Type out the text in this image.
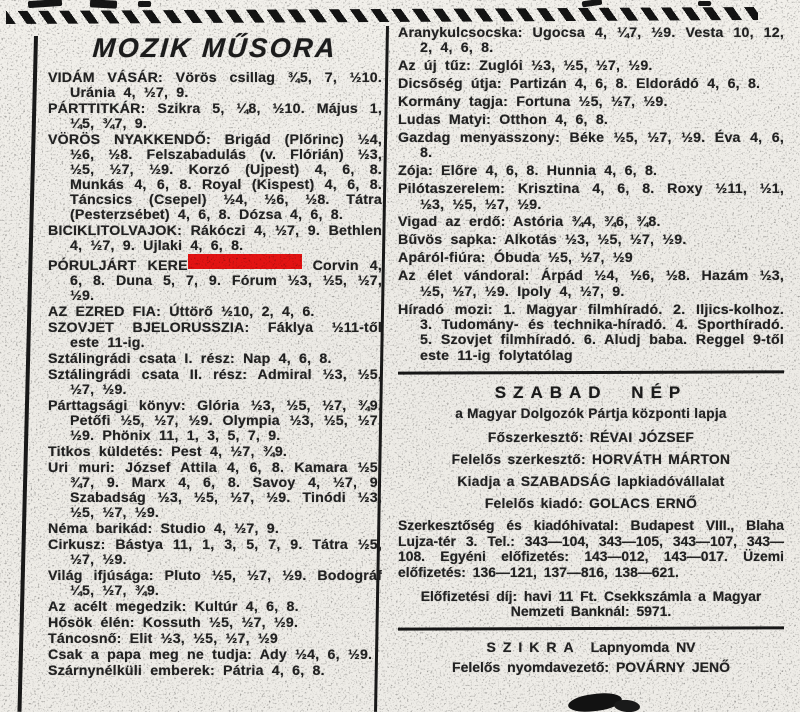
MOZIK MŰSORA

VIDÁM VÁSÁR: Vörös csillag ¾5, 7, ½10. Uránia 4, ½7, 9.

PÁRTTITKÁR: Szikra 5, ¼8, ½10. Május 1, ¼5, ¾7, 9.

VÖRÖS NYAKKENDŐ: Brigád (Plőrinc) ½4, ½6, ½8. Felszabadulás (v. Flórián) ½3, ½5, ½7, ½9. Korzó (Ujpest) 4, 6, 8. Munkás 4, 6, 8. Royal (Kispest) 4, 6, 8. Táncsics (Csepel) ½4, ½6, ½8. Tátra (Pesterzsébet) 4, 6, 8. Dózsa 4, 6, 8.

BICIKLITOLVAJOK: Rákóczi 4, ½7, 9. Bethlen 4, ½7, 9. Ujlaki 4, 6, 8.

PÓRULJÁRT KERE	Corvin 4, 6, 8. Duna 5, 7, 9. Fórum ½3, ½5, ½7, ½9.

AZ EZRED FIA: Úttörő ½10, 2, 4, 6.

SZOVJET BJELORUSSZIA: Fáklya ½11-től este 11-ig.

Sztálingrádi csata I. rész: Nap 4, 6, 8.

Sztálingrádi csata II. rész: Admiral ½3, ½5, ½7, ½9.

Párttagsági könyv: Glória ½3, ½5, ½7, ¾9. Petőfi ½5, ½7, ½9. Olympia ½3, ½5, ½7, ½9. Phönix 11, 1, 3, 5, 7, 9.

Titkos küldetés: Pest 4, ½7, ¾9.

Uri muri: József Attila 4, 6, 8. Kamara ½5, ¾7, 9. Marx 4, 6, 8. Savoy 4, ½7, 9. Szabadság ½3, ½5, ½7, ½9. Tinódi ½3, ½5, ½7, ½9.

Néma barikád: Studio 4, ½7, 9.

Cirkusz: Bástya 11, 1, 3, 5, 7, 9. Tátra ½5, ½7, ½9.

Világ ifjúsága: Pluto ½5, ½7, ½9. Bodográf ¼5, ½7, ¾9.

Az acélt megedzik: Kultúr 4, 6, 8.

Hősök élén: Kossuth ½5, ½7, ½9.

Táncosnő: Elit ½3, ½5, ½7, ½9

Csak a papa meg ne tudja: Ady ½4, 6, ½9.

Szárnynélküli emberek: Pátria 4, 6, 8.

Aranykulcsocska: Ugocsa 4, ¼7, ½9. Vesta 10, 12, 2, 4, 6, 8.

Az új tűz: Zuglói ½3, ½5, ½7, ½9.

Dicsőség útja: Partizán 4, 6, 8. Eldorádó 4, 6, 8.

Kormány tagja: Fortuna ½5, ½7, ½9.

Ludas Matyi: Otthon 4, 6, 8.

Gazdag menyasszony: Béke ½5, ½7, ½9. Éva 4, 6, 8.

Zója: Előre 4, 6, 8. Hunnia 4, 6, 8.

Pilótaszerelem: Krisztina 4, 6, 8. Roxy ½11, ½1, ½3, ½5, ½7, ½9.

Vigad az erdő: Astória ¾4, ¾6, ¾8.

Bűvös sapka: Alkotás ½3, ½5, ½7, ½9.

Apáról-fiúra: Óbuda ½5, ½7, ½9

Az élet vándoral: Árpád ½4, ½6, ½8. Hazám ½3, ½5, ½7, ½9. Ipoly 4, ½7, 9.

Híradó mozi: 1. Magyar filmhíradó. 2. Iljics-kolhoz. 3. Tudomány- és technika-híradó. 4. Sporthíradó. 5. Szovjet filmhíradó. 6. Aludj baba. Reggel 9-től este 11-ig folytatólag

SZABAD NÉP

a Magyar Dolgozók Pártja központi lapja

Főszerkesztő: RÉVAI JÓZSEF

Felelős szerkesztő: HORVÁTH MÁRTON

Kiadja a SZABADSÁG lapkiadóvállalat

Felelős kiadó: GOLACS ERNŐ

Szerkesztőség és kiadóhivatal: Budapest VIII., Blaha Lujza-tér 3. Tel.: 343—104, 343—105, 343—107, 343—108. Egyéni előfizetés: 143—012, 143—017. Üzemi előfizetés: 136—121, 137—816, 138—621.

Előfizetési díj: havi 11 Ft. Csekkszámla a Magyar Nemzeti Banknál: 5971.

SZIKRA Lapnyomda NV

Felelős nyomdavezető: POVÁRNY JENŐ
